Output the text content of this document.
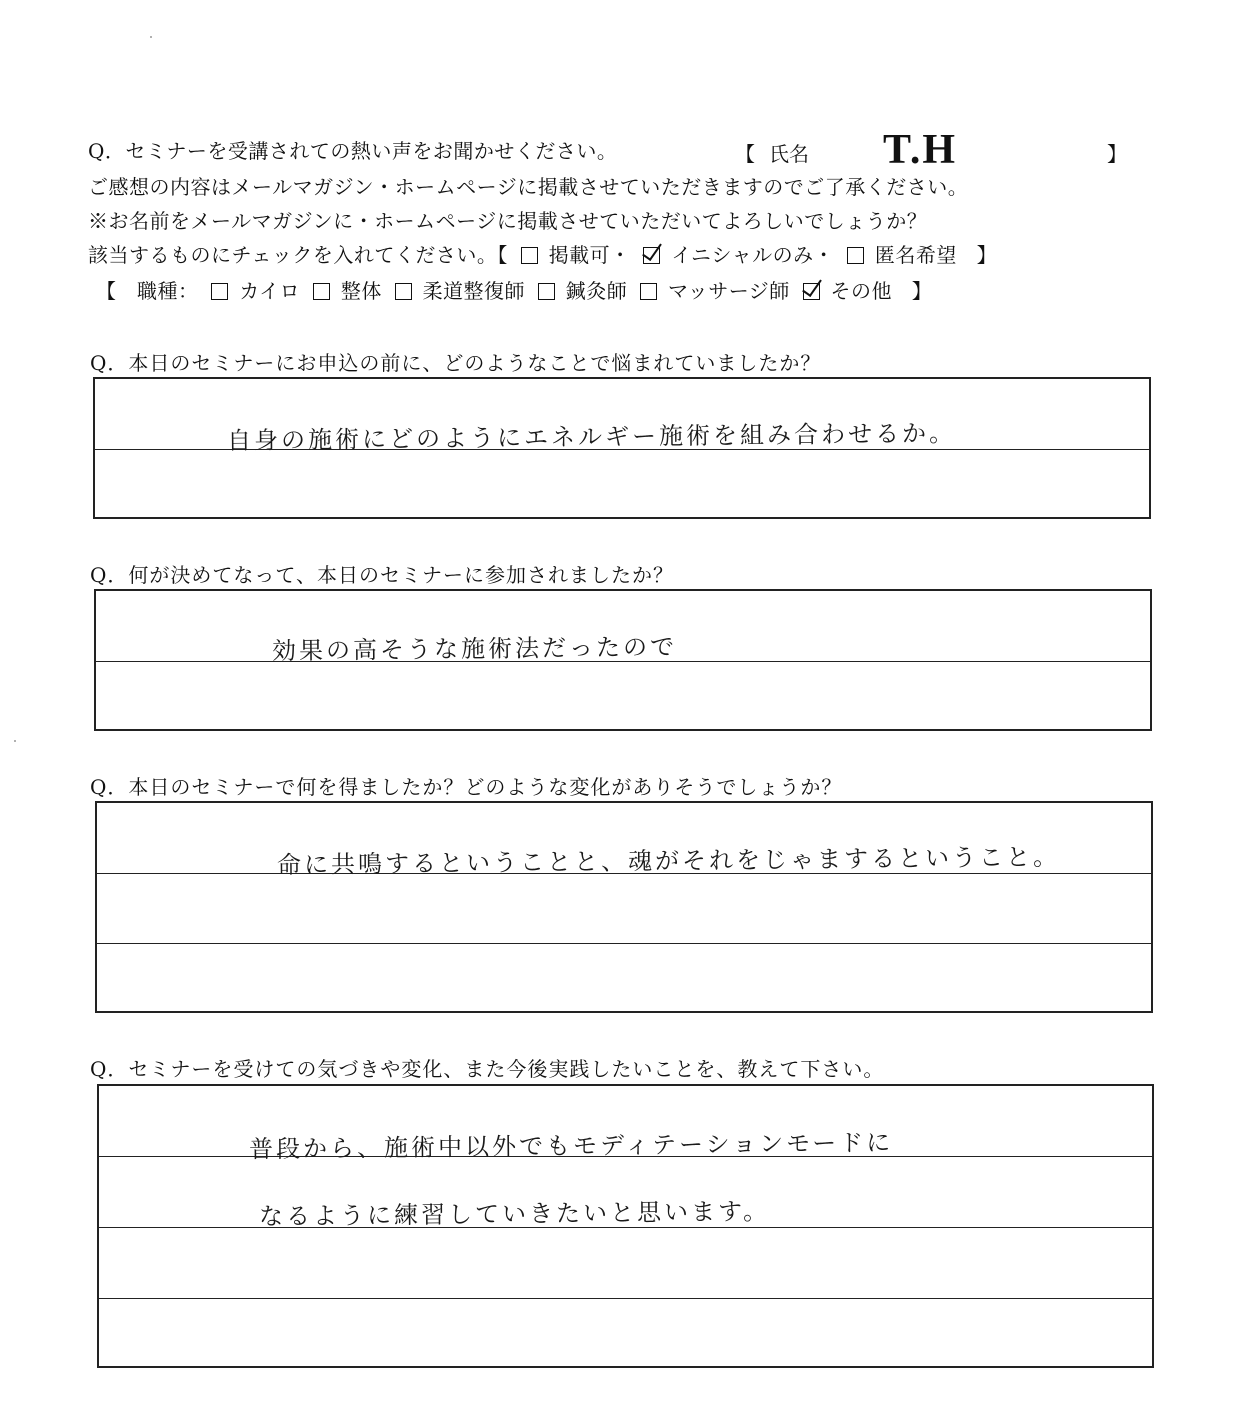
Q．セミナーを受講されての熱い声をお聞かせください。	【 氏名 T.H	】
ご感想の内容はメールマガジン・ホームページに掲載させていただきますのでご了承ください。
※お名前をメールマガジンに・ホームページに掲載させていただいてよろしいでしょうか？
該当するものにチェックを入れてください。【 掲載可・ イニシャルのみ・ 匿名希望 】
【　職種： カイロ 整体 柔道整復師 鍼灸師 マッサージ師 その他 】
Q．本日のセミナーにお申込の前に、どのようなことで悩まれていましたか？
自身の施術にどのようにエネルギー施術を組み合わせるか。
Q．何が決めてなって、本日のセミナーに参加されましたか？
効果の高そうな施術法だったので
Q．本日のセミナーで何を得ましたか？どのような変化がありそうでしょうか？
命に共鳴するということと、魂がそれをじゃまするということ。
Q．セミナーを受けての気づきや変化、また今後実践したいことを、教えて下さい。
普段から、施術中以外でもモディテーションモードに
なるように練習していきたいと思います。
